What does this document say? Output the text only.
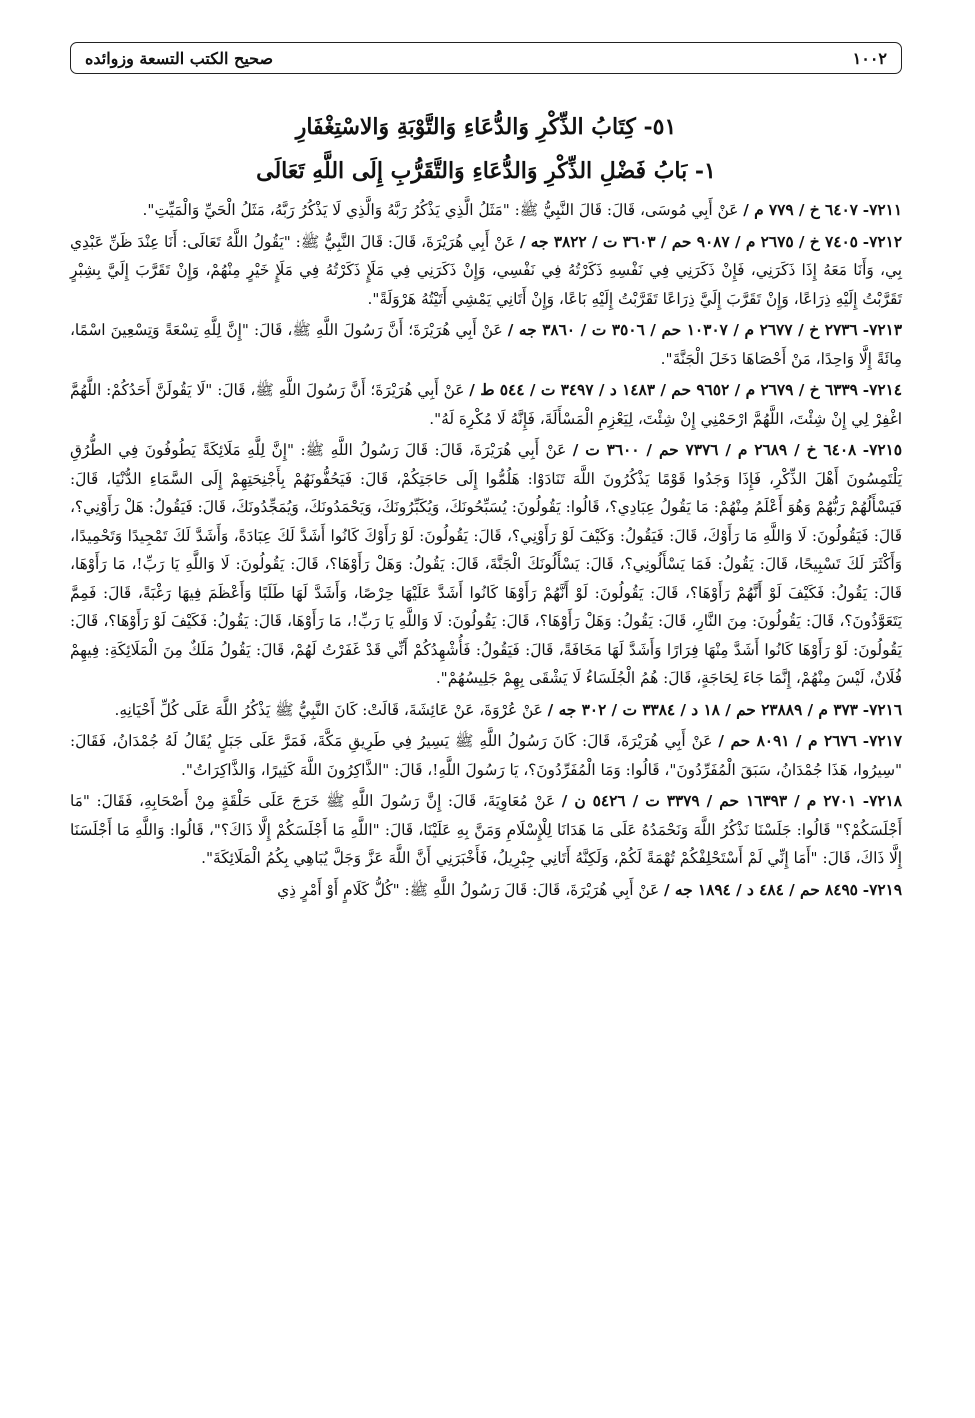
١٠٠٢
صحيح الكتب التسعة وزوائده
٥١- كِتَابُ الذِّكْرِ وَالدُّعَاءِ وَالتَّوْبَةِ وَالاسْتِغْفَارِ
١- بَابُ فَضْلِ الذِّكْرِ وَالدُّعَاءِ وَالتَّقَرُّبِ إِلَى اللَّهِ تَعَالَى

٧٢١١- ٦٤٠٧ خ / ٧٧٩ م / عَنْ أَبِي مُوسَى، قَالَ: قَالَ النَّبِيُّ ﷺ: "مَثَلُ الَّذِي يَذْكُرُ رَبَّهُ وَالَّذِي لَا يَذْكُرُ رَبَّهُ، مَثَلُ الْحَيِّ وَالْمَيِّتِ".

٧٢١٢- ٧٤٠٥ خ / ٢٦٧٥ م / ٩٠٨٧ حم / ٣٦٠٣ ت / ٣٨٢٢ جه / عَنْ أَبِي هُرَيْرَةَ، قَالَ: قَالَ النَّبِيُّ ﷺ: "يَقُولُ اللَّهُ تَعَالَى: أَنَا عِنْدَ ظَنِّ عَبْدِي بِي، وَأَنَا مَعَهُ إِذَا ذَكَرَنِي، فَإِنْ ذَكَرَنِي فِي نَفْسِهِ ذَكَرْتُهُ فِي نَفْسِي، وَإِنْ ذَكَرَنِي فِي مَلَإٍ ذَكَرْتُهُ فِي مَلَإٍ خَيْرٍ مِنْهُمْ، وَإِنْ تَقَرَّبَ إِلَيَّ بِشِبْرٍ تَقَرَّبْتُ إِلَيْهِ ذِرَاعًا، وَإِنْ تَقَرَّبَ إِلَيَّ ذِرَاعًا تَقَرَّبْتُ إِلَيْهِ بَاعًا، وَإِنْ أَتَانِي يَمْشِي أَتَيْتُهُ هَرْوَلَةً".

٧٢١٣- ٢٧٣٦ خ / ٢٦٧٧ م / ١٠٣٠٧ حم / ٣٥٠٦ ت / ٣٨٦٠ جه / عَنْ أَبِي هُرَيْرَةَ؛ أَنَّ رَسُولَ اللَّهِ ﷺ، قَالَ: "إِنَّ لِلَّهِ تِسْعَةً وَتِسْعِينَ اسْمًا، مِائَةً إِلَّا وَاحِدًا، مَنْ أَحْصَاهَا دَخَلَ الْجَنَّةَ".

٧٢١٤- ٦٣٣٩ خ / ٢٦٧٩ م / ٩٦٥٢ حم / ١٤٨٣ د / ٣٤٩٧ ت / ٥٤٤ ط / عَنْ أَبِي هُرَيْرَةَ؛ أَنَّ رَسُولَ اللَّهِ ﷺ، قَالَ: "لَا يَقُولَنَّ أَحَدُكُمْ: اللَّهُمَّ اغْفِرْ لِي إِنْ شِئْتَ، اللَّهُمَّ ارْحَمْنِي إِنْ شِئْتَ، لِيَعْزِمِ الْمَسْأَلَةَ، فَإِنَّهُ لَا مُكْرِهَ لَهُ".

٧٢١٥- ٦٤٠٨ خ / ٢٦٨٩ م / ٧٣٧٦ حم / ٣٦٠٠ ت / عَنْ أَبِي هُرَيْرَةَ، قَالَ: قَالَ رَسُولُ اللَّهِ ﷺ: "إِنَّ لِلَّهِ مَلَائِكَةً يَطُوفُونَ فِي الطُّرُقِ يَلْتَمِسُونَ أَهْلَ الذِّكْرِ، فَإِذَا وَجَدُوا قَوْمًا يَذْكُرُونَ اللَّهَ تَنَادَوْا: هَلُمُّوا إِلَى حَاجَتِكُمْ، قَالَ: فَيَحُفُّونَهُمْ بِأَجْنِحَتِهِمْ إِلَى السَّمَاءِ الدُّنْيَا، قَالَ: فَيَسْأَلُهُمْ رَبُّهُمْ وَهُوَ أَعْلَمُ مِنْهُمْ: مَا يَقُولُ عِبَادِي؟، قَالُوا: يَقُولُونَ: يُسَبِّحُونَكَ، وَيُكَبِّرُونَكَ، وَيَحْمَدُونَكَ، وَيُمَجِّدُونَكَ، قَالَ: فَيَقُولُ: هَلْ رَأَوْنِي؟، قَالَ: فَيَقُولُونَ: لَا وَاللَّهِ مَا رَأَوْكَ، قَالَ: فَيَقُولُ: وَكَيْفَ لَوْ رَأَوْنِي؟، قَالَ: يَقُولُونَ: لَوْ رَأَوْكَ كَانُوا أَشَدَّ لَكَ عِبَادَةً، وَأَشَدَّ لَكَ تَمْجِيدًا وَتَحْمِيدًا، وَأَكْثَرَ لَكَ تَسْبِيحًا، قَالَ: يَقُولُ: فَمَا يَسْأَلُونِي؟، قَالَ: يَسْأَلُونَكَ الْجَنَّةَ، قَالَ: يَقُولُ: وَهَلْ رَأَوْهَا؟، قَالَ: يَقُولُونَ: لَا وَاللَّهِ يَا رَبِّ!، مَا رَأَوْهَا، قَالَ: يَقُولُ: فَكَيْفَ لَوْ أَنَّهُمْ رَأَوْهَا؟، قَالَ: يَقُولُونَ: لَوْ أَنَّهُمْ رَأَوْهَا كَانُوا أَشَدَّ عَلَيْهَا حِرْصًا، وَأَشَدَّ لَهَا طَلَبًا وَأَعْظَمَ فِيهَا رَغْبَةً، قَالَ: فَمِمَّ يَتَعَوَّذُونَ؟، قَالَ: يَقُولُونَ: مِنَ النَّارِ، قَالَ: يَقُولُ: وَهَلْ رَأَوْهَا؟، قَالَ: يَقُولُونَ: لَا وَاللَّهِ يَا رَبِّ!، مَا رَأَوْهَا، قَالَ: يَقُولُ: فَكَيْفَ لَوْ رَأَوْهَا؟، قَالَ: يَقُولُونَ: لَوْ رَأَوْهَا كَانُوا أَشَدَّ مِنْهَا فِرَارًا وَأَشَدَّ لَهَا مَخَافَةً، قَالَ: فَيَقُولُ: فَأُشْهِدُكُمْ أَنِّي قَدْ غَفَرْتُ لَهُمْ، قَالَ: يَقُولُ مَلَكٌ مِنَ الْمَلَائِكَةِ: فِيهِمْ فُلَانٌ، لَيْسَ مِنْهُمْ، إِنَّمَا جَاءَ لِحَاجَةٍ، قَالَ: هُمُ الْجُلَسَاءُ لَا يَشْقَى بِهِمْ جَلِيسُهُمْ".

٧٢١٦- ٣٧٣ م / ٢٣٨٨٩ حم / ١٨ د / ٣٣٨٤ ت / ٣٠٢ جه / عَنْ عُرْوَةَ، عَنْ عَائِشَةَ، قَالَتْ: كَانَ النَّبِيُّ ﷺ يَذْكُرُ اللَّهَ عَلَى كُلِّ أَحْيَانِهِ.

٧٢١٧- ٢٦٧٦ م / ٨٠٩١ حم / عَنْ أَبِي هُرَيْرَةَ، قَالَ: كَانَ رَسُولُ اللَّهِ ﷺ يَسِيرُ فِي طَرِيقِ مَكَّةَ، فَمَرَّ عَلَى جَبَلٍ يُقَالُ لَهُ جُمْدَانُ، فَقَالَ: "سِيرُوا، هَذَا جُمْدَانُ، سَبَقَ الْمُفَرِّدُونَ"، قَالُوا: وَمَا الْمُفَرِّدُونَ؟، يَا رَسُولَ اللَّهِ!، قَالَ: "الذَّاكِرُونَ اللَّهَ كَثِيرًا، وَالذَّاكِرَاتُ".

٧٢١٨- ٢٧٠١ م / ١٦٣٩٣ حم / ٣٣٧٩ ت / ٥٤٢٦ ن / عَنْ مُعَاوِيَةَ، قَالَ: إِنَّ رَسُولَ اللَّهِ ﷺ خَرَجَ عَلَى حَلْقَةٍ مِنْ أَصْحَابِهِ، فَقَالَ: "مَا أَجْلَسَكُمْ؟" قَالُوا: جَلَسْنَا نَذْكُرُ اللَّهَ وَنَحْمَدُهُ عَلَى مَا هَدَانَا لِلْإِسْلَامِ وَمَنَّ بِهِ عَلَيْنَا، قَالَ: "اللَّهِ مَا أَجْلَسَكُمْ إِلَّا ذَاكَ؟"، قَالُوا: وَاللَّهِ مَا أَجْلَسَنَا إِلَّا ذَاكَ، قَالَ: "أَمَا إِنِّي لَمْ أَسْتَحْلِفْكُمْ تُهْمَةً لَكُمْ، وَلَكِنَّهُ أَتَانِي جِبْرِيلُ، فَأَخْبَرَنِي أَنَّ اللَّهَ عَزَّ وَجَلَّ يُبَاهِي بِكُمُ الْمَلَائِكَةَ".

٧٢١٩- ٨٤٩٥ حم / ٤٨٤ د / ١٨٩٤ جه / عَنْ أَبِي هُرَيْرَةَ، قَالَ: قَالَ رَسُولُ اللَّهِ ﷺ: "كُلُّ كَلَامٍ أَوْ أَمْرٍ ذِي
